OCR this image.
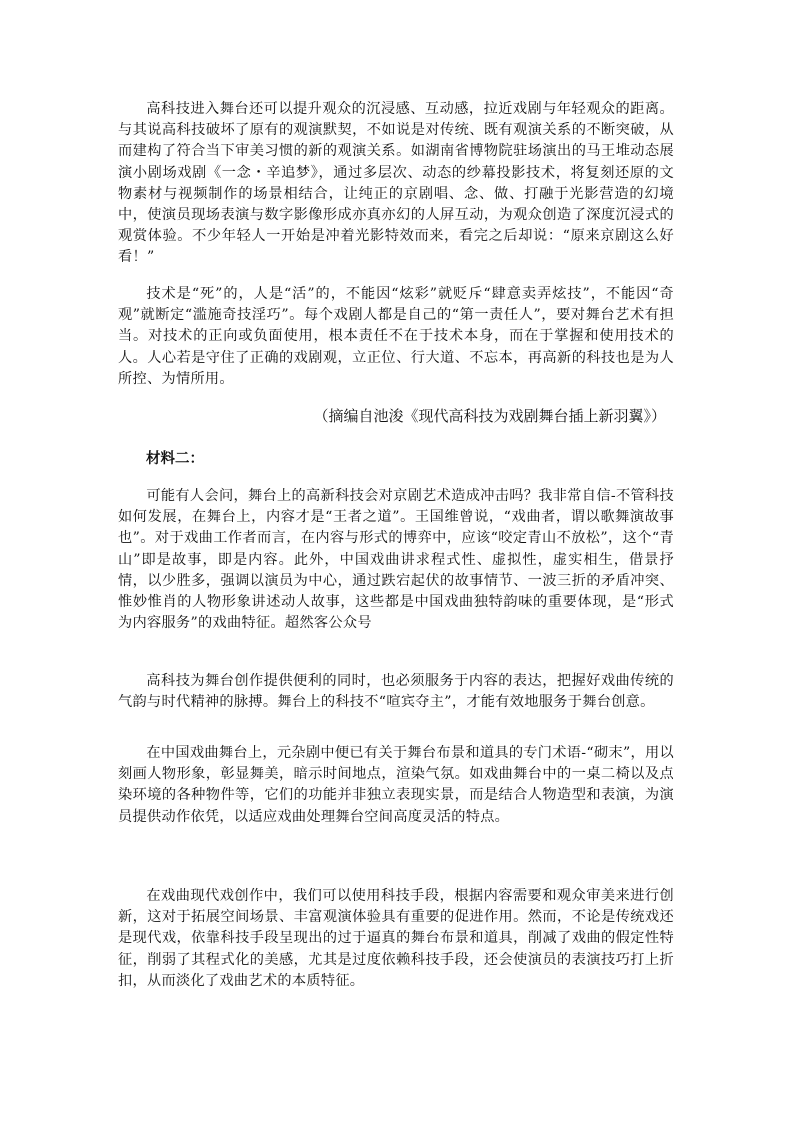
高科技进入舞台还可以提升观众的沉浸感、互动感，拉近戏剧与年轻观众的距离。与其说高科技破坏了原有的观演默契，不如说是对传统、既有观演关系的不断突破，从而建构了符合当下审美习惯的新的观演关系。如湖南省博物院驻场演出的马王堆动态展演小剧场戏剧《一念・辛追梦》，通过多层次、动态的纱幕投影技术，将复刻还原的文物素材与视频制作的场景相结合，让纯正的京剧唱、念、做、打融于光影营造的幻境中，使演员现场表演与数字影像形成亦真亦幻的人屏互动，为观众创造了深度沉浸式的观赏体验。不少年轻人一开始是冲着光影特效而来，看完之后却说：“原来京剧这么好看！”

技术是“死”的，人是“活”的，不能因“炫彩”就贬斥“肆意卖弄炫技”，不能因“奇观”就断定“滥施奇技淫巧”。每个戏剧人都是自己的“第一责任人”，要对舞台艺术有担当。对技术的正向或负面使用，根本责任不在于技术本身，而在于掌握和使用技术的人。人心若是守住了正确的戏剧观，立正位、行大道、不忘本，再高新的科技也是为人所控、为情所用。

（摘编自池浚《现代高科技为戏剧舞台插上新羽翼》）

材料二：

可能有人会问，舞台上的高新科技会对京剧艺术造成冲击吗？我非常自信-不管科技如何发展，在舞台上，内容才是“王者之道”。王国维曾说，“戏曲者，谓以歌舞演故事也”。对于戏曲工作者而言，在内容与形式的博弈中，应该“咬定青山不放松”，这个“青山”即是故事，即是内容。此外，中国戏曲讲求程式性、虚拟性，虚实相生，借景抒情，以少胜多，强调以演员为中心，通过跌宕起伏的故事情节、一波三折的矛盾冲突、惟妙惟肖的人物形象讲述动人故事，这些都是中国戏曲独特韵味的重要体现，是“形式为内容服务”的戏曲特征。超然客公众号

高科技为舞台创作提供便利的同时，也必须服务于内容的表达，把握好戏曲传统的气韵与时代精神的脉搏。舞台上的科技不“喧宾夺主”，才能有效地服务于舞台创意。

在中国戏曲舞台上，元杂剧中便已有关于舞台布景和道具的专门术语-“砌末”，用以刻画人物形象，彰显舞美，暗示时间地点，渲染气氛。如戏曲舞台中的一桌二椅以及点染环境的各种物件等，它们的功能并非独立表现实景，而是结合人物造型和表演，为演员提供动作依凭，以适应戏曲处理舞台空间高度灵活的特点。

在戏曲现代戏创作中，我们可以使用科技手段，根据内容需要和观众审美来进行创新，这对于拓展空间场景、丰富观演体验具有重要的促进作用。然而，不论是传统戏还是现代戏，依靠科技手段呈现出的过于逼真的舞台布景和道具，削减了戏曲的假定性特征，削弱了其程式化的美感，尤其是过度依赖科技手段，还会使演员的表演技巧打上折扣，从而淡化了戏曲艺术的本质特征。
